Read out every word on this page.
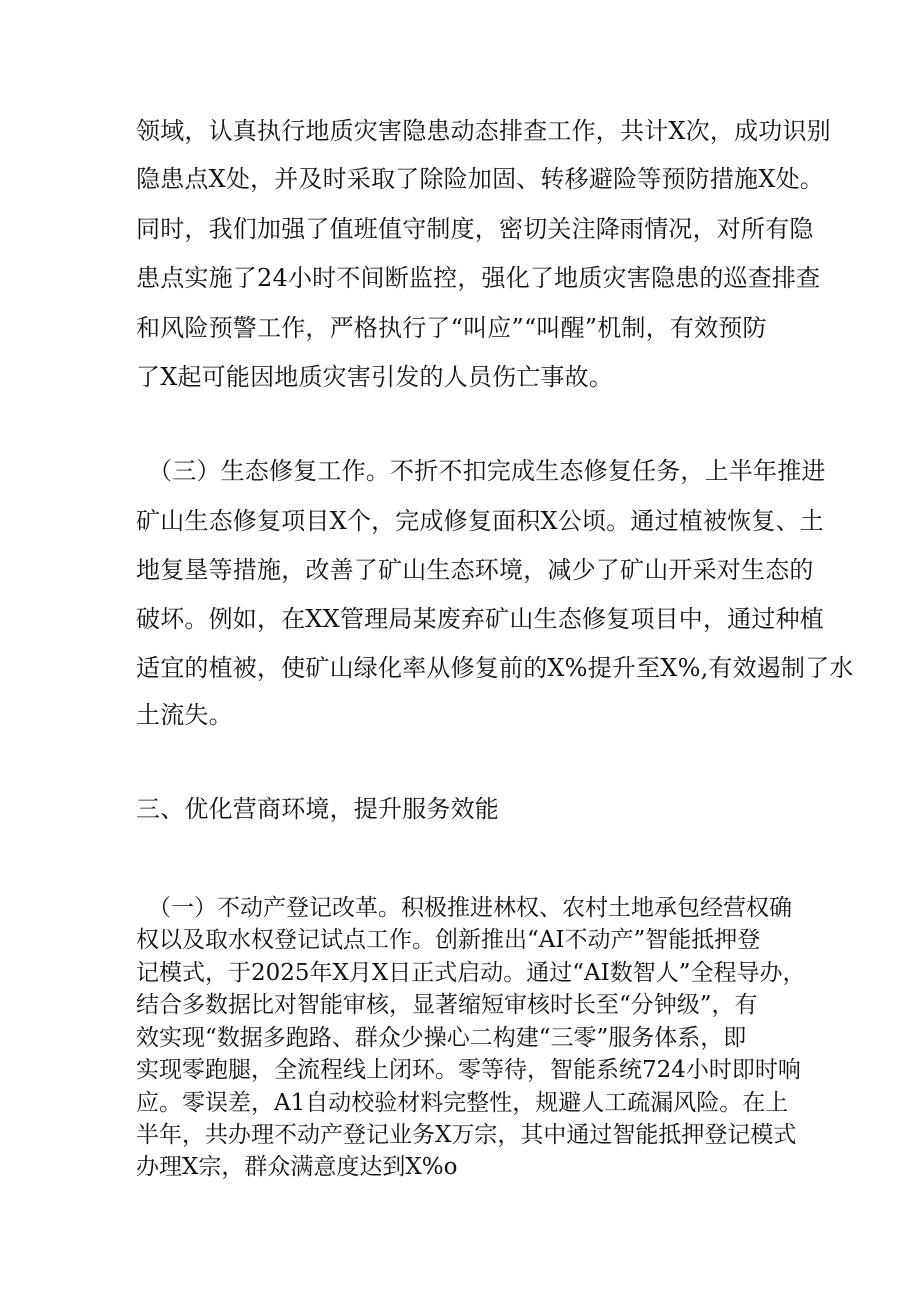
领域，认真执行地质灾害隐患动态排查工作，共计X次，成功识别
隐患点X处，并及时采取了除险加固、转移避险等预防措施X处。
同时，我们加强了值班值守制度，密切关注降雨情况，对所有隐
患点实施了24小时不间断监控，强化了地质灾害隐患的巡查排查
和风险预警工作，严格执行了“叫应”“叫醒”机制，有效预防
了X起可能因地质灾害引发的人员伤亡事故。
（三）生态修复工作。不折不扣完成生态修复任务，上半年推进
矿山生态修复项目X个，完成修复面积X公顷。通过植被恢复、土
地复垦等措施，改善了矿山生态环境，减少了矿山开采对生态的
破坏。例如，在XX管理局某废弃矿山生态修复项目中，通过种植
适宜的植被，使矿山绿化率从修复前的X%提升至X%,有效遏制了水
土流失。
三、优化营商环境，提升服务效能
（一）不动产登记改革。积极推进林权、农村土地承包经营权确
权以及取水权登记试点工作。创新推出“AI不动产”智能抵押登
记模式，于2025年X月X日正式启动。通过“AI数智人”全程导办，
结合多数据比对智能审核，显著缩短审核时长至“分钟级”，有
效实现“数据多跑路、群众少操心二构建“三零”服务体系，即
实现零跑腿，全流程线上闭环。零等待，智能系统724小时即时响
应。零误差，A1自动校验材料完整性，规避人工疏漏风险。在上
半年，共办理不动产登记业务X万宗，其中通过智能抵押登记模式
办理X宗，群众满意度达到X%o
